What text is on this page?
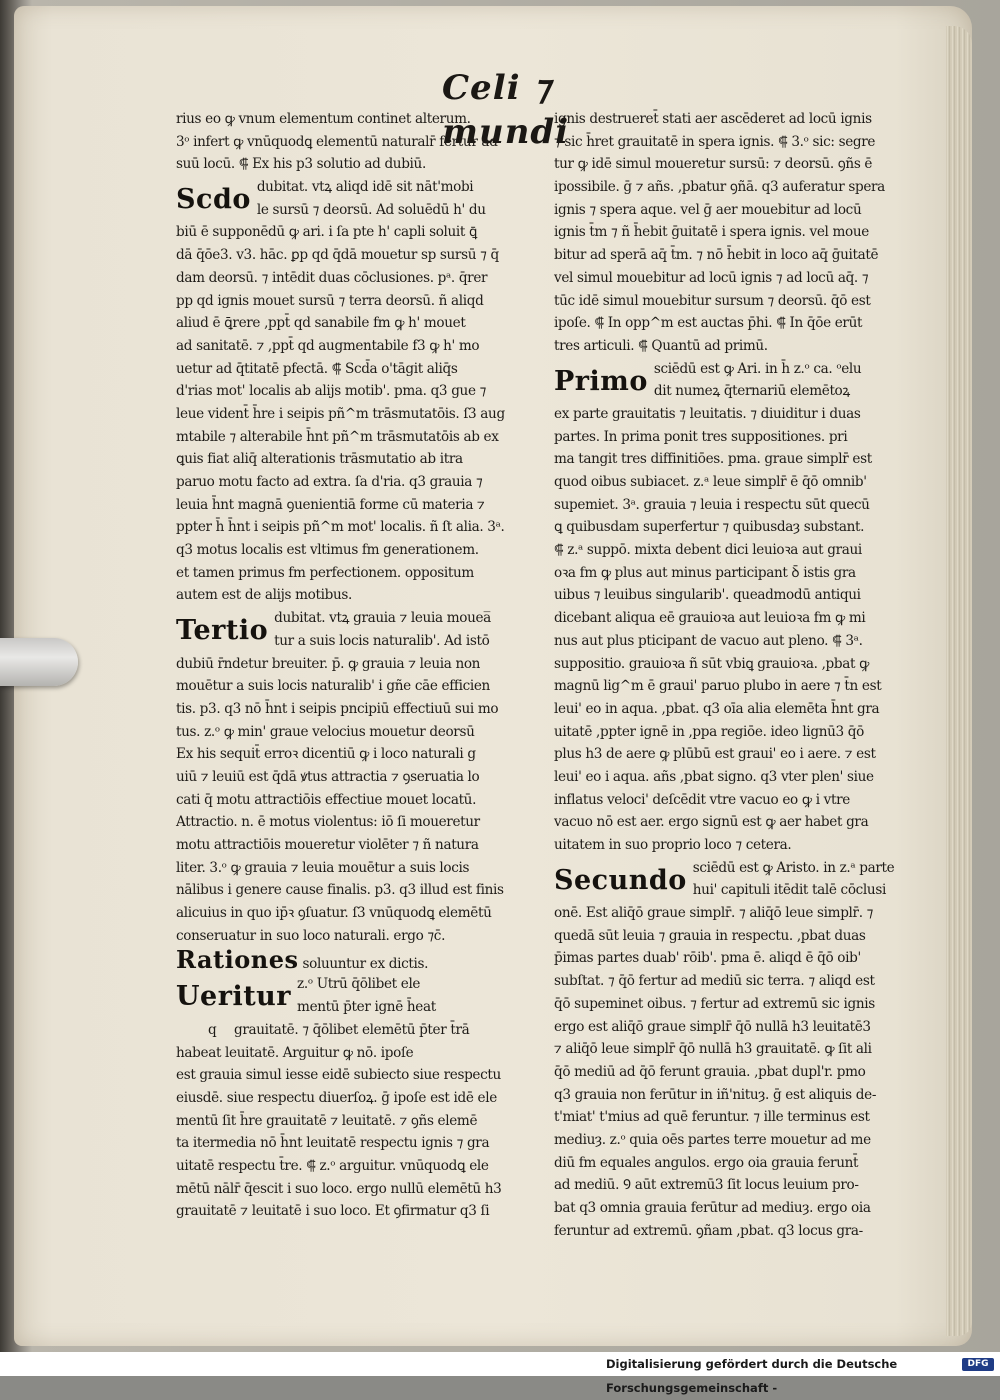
Celi ⁊ mundi
rius eo ꝙ vnum elementum continet alterum.
3ᵒ infert ꝙ vnūquodꝗ elementū naturalr̄ fertur ad
suū locū. ⸿ Ex his p3 solutio ad dubiū.
Scdo dubitat. vtꝝ aliqd idē sit nāt'mobi
le sursū ⁊ deorsū. Ad soluēdū h' du
biū ē supponēdū ꝙ ari. i ſa pte h' capli soluit ꝗ̄
dā q̄ōe3. v3. hāc. ꝑp qd q̄dā mouetur sp sursū ⁊ q̄
dam deorsū. ⁊ intēdit duas cōclusiones. pᵃ. q̄rer
pp qd ignis mouet sursū ⁊ terra deorsū. ñ aliqd
aliud ē ꝗ̄rere ,ppt̄ qd sanabile fm ꝙ h' mouet
ad sanitatē. ⁊ ,ppt̄ qd augmentabile f3 ꝙ h' mo
uetur ad q̄titatē pfectā. ⸿ Scd̄a o'tāgit aliq̄s
d'rias mot' localis ab alijs motib'. pma. q3 gue ⁊
leue vident̄ h̄re i seipis pñ^m trāsmutatōis. ſ3 aug
mtabile ⁊ alterabile h̄nt pñ^m trāsmutatōis ab ex
ꝗuis fiat aliq̄ alterationis trāsmutatio ab itra
paruo motu facto ad extra. ſa d'ria. q3 grauia ⁊
leuia h̄nt magnā ꝯuenientiā forme cū materia ⁊
ppter h̄ h̄nt i seipis pñ^m mot' localis. ñ ſt alia. 3ᵃ.
q3 motus localis est vltimus fm generationem.
et tamen primus fm perfectionem. oppositum
autem est de alijs motibus.
Tertio dubitat. vtꝝ grauia ⁊ leuia mouea̅
tur a suis locis naturalib'. Ad istō
dubiū r̄ndetur breuiter. p̄. ꝙ grauia ⁊ leuia non
mouētur a suis locis naturalib' i gñe cāe efficien
tis. p3. q3 nō h̄nt i seipis pncipiū effectiuū sui mo
tus. z.ᵒ ꝙ min' graue velocius mouetur deorsū
Ex his sequit̄ erroꝛ dicentiū ꝙ i loco naturali g
uiū ⁊ leuiū est q̄dā ꝟtus attractia ⁊ ꝯseruatia lo
cati q̄ motu attractiōis effectiue mouet locatū.
Attractio. n. ē motus violentus: iō ſi moueretur
motu attractiōis moueretur violēter ⁊ ñ natura
liter. 3.ᵒ ꝙ grauia ⁊ leuia mouētur a suis locis
nālibus i genere cause finalis. p3. q3 illud est finis
alicuius in quo ip̄ꝛ ꝯſuatur. ſ3 vnūquodꝗ elemētū
conseruatur in suo loco naturali. ergo ⁊c̄.
Rationes soluuntur ex dictis.
Ueritur z.ᵒ Utrū q̄ōlibet ele
mentū p̄ter ignē h̄eat
q grauitatē. ⁊ q̄ōlibet elemētū p̄ter t̄rā
habeat leuitatē. Arguitur ꝙ nō. ipoſe
est grauia simul iesse eidē subiecto siue respectu
eiusdē. siue respectu diuerſoꝝ. ḡ ipoſe est idē ele
mentū ſit h̄re grauitatē ⁊ leuitatē. ⁊ ꝯñs elemē
ta itermedia nō h̄nt leuitatē respectu ignis ⁊ gra
uitatē respectu t̄re. ⸿ z.ᵒ arguitur. vnūquodꝗ ele
mētū nālr̄ q̄escit i suo loco. ergo nullū elemētū h3
grauitatē ⁊ leuitatē i suo loco. Et ꝯfirmatur q3 ſi
ignis destrueret̄ stati aer ascēderet ad locū ignis
⁊ sic h̄ret grauitatē in spera ignis. ⸿ 3.ᵒ sic: segre
tur ꝙ idē simul moueretur sursū: ⁊ deorsū. ꝯñs ē
ipossibile. ḡ ⁊ añs. ,pbatur ꝯñā. q3 auferatur spera
ignis ⁊ spera aque. vel ḡ aer mouebitur ad locū
ignis t̄m ⁊ ñ h̄ebit ḡuitatē i spera ignis. vel moue
bitur ad sperā aq̄ t̄m. ⁊ nō h̄ebit in loco aq̄ ḡuitatē
vel simul mouebitur ad locū ignis ⁊ ad locū aq̄. ⁊
tūc idē simul mouebitur sursum ⁊ deorsū. q̄ō est
ipoſe. ⸿ In opp^m est auctas p̄hi. ⸿ In q̄ōe erūt
tres articuli. ⸿ Quantū ad primū.
Primo sciēdū est ꝙ Ari. in h̄ z.ᵒ ca. ᵒelu
dit numeꝝ q̄ternariū elemētoꝝ
ex parte grauitatis ⁊ leuitatis. ⁊ diuiditur i duas
partes. In prima ponit tres suppositiones. pri
ma tangit tres diffinitiōes. pma. graue simplr̄ est
quod oibus subiacet. z.ᵃ leue simplr̄ ē q̄ō omnib'
supemiet. 3ᵃ. grauia ⁊ leuia i respectu sūt quecū
ꝗ quibusdam superfertur ⁊ quibusdaȝ substant.
⸿ z.ᵃ suppō. mixta debent dici leuioꝛa aut graui
oꝛa fm ꝙ plus aut minus participant ꝺ̄ istis gra
uibus ⁊ leuibus singularib'. queadmodū antiqui
dicebant aliqua eē grauioꝛa aut leuioꝛa fm ꝙ mi
nus aut plus pticipant de vacuo aut pleno. ⸿ 3ᵃ.
suppositio. grauioꝛa ñ sūt vbiꝗ grauioꝛa. ,pbat ꝙ
magnū lig^m ē graui' paruo plubo in aere ⁊ t̄n est
leui' eo in aqua. ,pbat. q3 oīa alia elemēta h̄nt gra
uitatē ,ppter ignē in ,ppa regiōe. ideo lignū3 q̄ō
plus h3 de aere ꝙ plūbū est graui' eo i aere. ⁊ est
leui' eo i aqua. añs ,pbat signo. q3 vter plen' siue
inflatus veloci' deſcēdit vtre vacuo eo ꝙ i vtre
vacuo nō est aer. ergo signū est ꝙ aer habet gra
uitatem in suo proprio loco ⁊ cetera.
Secundo sciēdū est ꝙ Aristo. in z.ᵃ parte
hui' capituli itēdit talē cōclusi
onē. Est aliq̄ō graue simplr̄. ⁊ aliq̄ō leue simplr̄. ⁊
quedā sūt leuia ⁊ grauia in respectu. ,pbat duas
p̄imas partes duab' rōib'. pma ē. aliqd ē q̄ō oib'
subſtat. ⁊ q̄ō fertur ad mediū sic terra. ⁊ aliqd est
q̄ō supeminet oibus. ⁊ fertur ad extremū sic ignis
ergo est aliq̄ō graue simplr̄ q̄ō nullā h3 leuitatē3
⁊ aliq̄ō leue simplr̄ q̄ō nullā h3 grauitatē. ꝙ ſit ali
q̄ō mediū ad q̄ō ferunt grauia. ,pbat dupl'r. pmo
q3 grauia non ferūtur in iñ'nituȝ. ḡ est aliquis de-
t'miat' t'mius ad quē feruntur. ⁊ ille terminus est
mediuȝ. z.ᵒ quia oēs partes terre mouetur ad me
diū fm equales angulos. ergo oia grauia ferunt̄
ad mediū. Ꝯ aūt extremū3 ſit locus leuium pro-
bat q3 omnia grauia ferūtur ad mediuȝ. ergo oia
feruntur ad extremū. ꝯñam ,pbat. q3 locus gra-
Digitalisierung gefördert durch die Deutsche Forschungsgemeinschaft -
DFG
